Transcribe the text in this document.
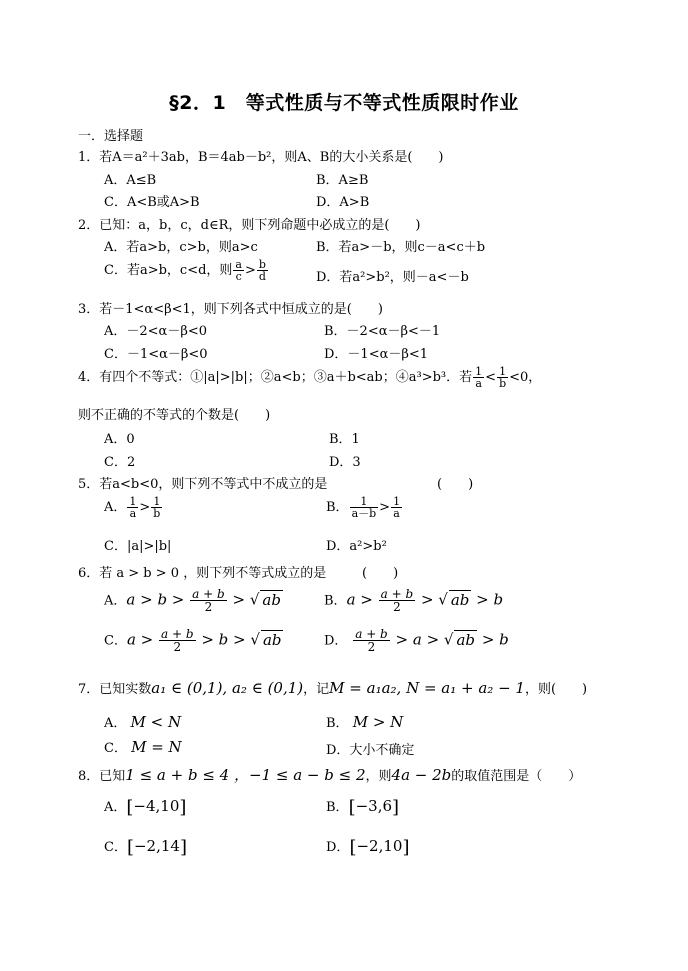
§2．1　等式性质与不等式性质限时作业
一．选择题
1．若A＝a²＋3ab，B＝4ab－b²，则A、B的大小关系是(　　)
A．A≤B	B．A≥B
C．A<B或A>B	D．A>B
2．已知：a，b，c，d∈R，则下列命题中必成立的是(　　)
A．若a>b，c>b，则a>c	B．若a>－b，则c－a<c＋b
C．若a>b，c<d，则 $\frac{a}{c} > \frac{b}{d}$	D．若a²>b²，则－a<－b
3．若－1<α<β<1，则下列各式中恒成立的是(　　)
A．－2<α－β<0	B．－2<α－β<－1
C．－1<α－β<0	D．－1<α－β<1
4．有四个不等式：①|a|>|b|；②a<b；③a＋b<ab；④a³>b³．若 $\frac{1}{a} < \frac{1}{b} <0$，
则不正确的不等式的个数是(　　)
A．0	B．1
C．2	D．3
5．若a<b<0，则下列不等式中不成立的是	(　　)
A． $\frac{1}{a} > \frac{1}{b}$	B． $\frac{1}{a-b} > \frac{1}{a}$
C．|a|>|b|	D．a²>b²
6．若 a > b > 0 ，则下列不等式成立的是	(　　)
A．$a > b > \frac{a + b}{2}$ > √ ab	B．$a > \frac{a + b}{2}$ > √ ab > b
C．$a > \frac{a + b}{2} > b$ > √ ab	D． $\frac{a + b}{2} > a$ > √ ab > b
7．已知实数a₁ ∈ (0,1), a₂ ∈ (0,1)，记M = a₁a₂, N = a₁ + a₂ − 1，则(　　)
A． M < N	B． M > N
C． M = N	D．大小不确定
8．已知1 ≤ a + b ≤ 4 ，−1 ≤ a − b ≤ 2，则4a − 2b的取值范围是（　　）
A．[−4,10]	B．[−3,6]
C．[−2,14]	D．[−2,10]
